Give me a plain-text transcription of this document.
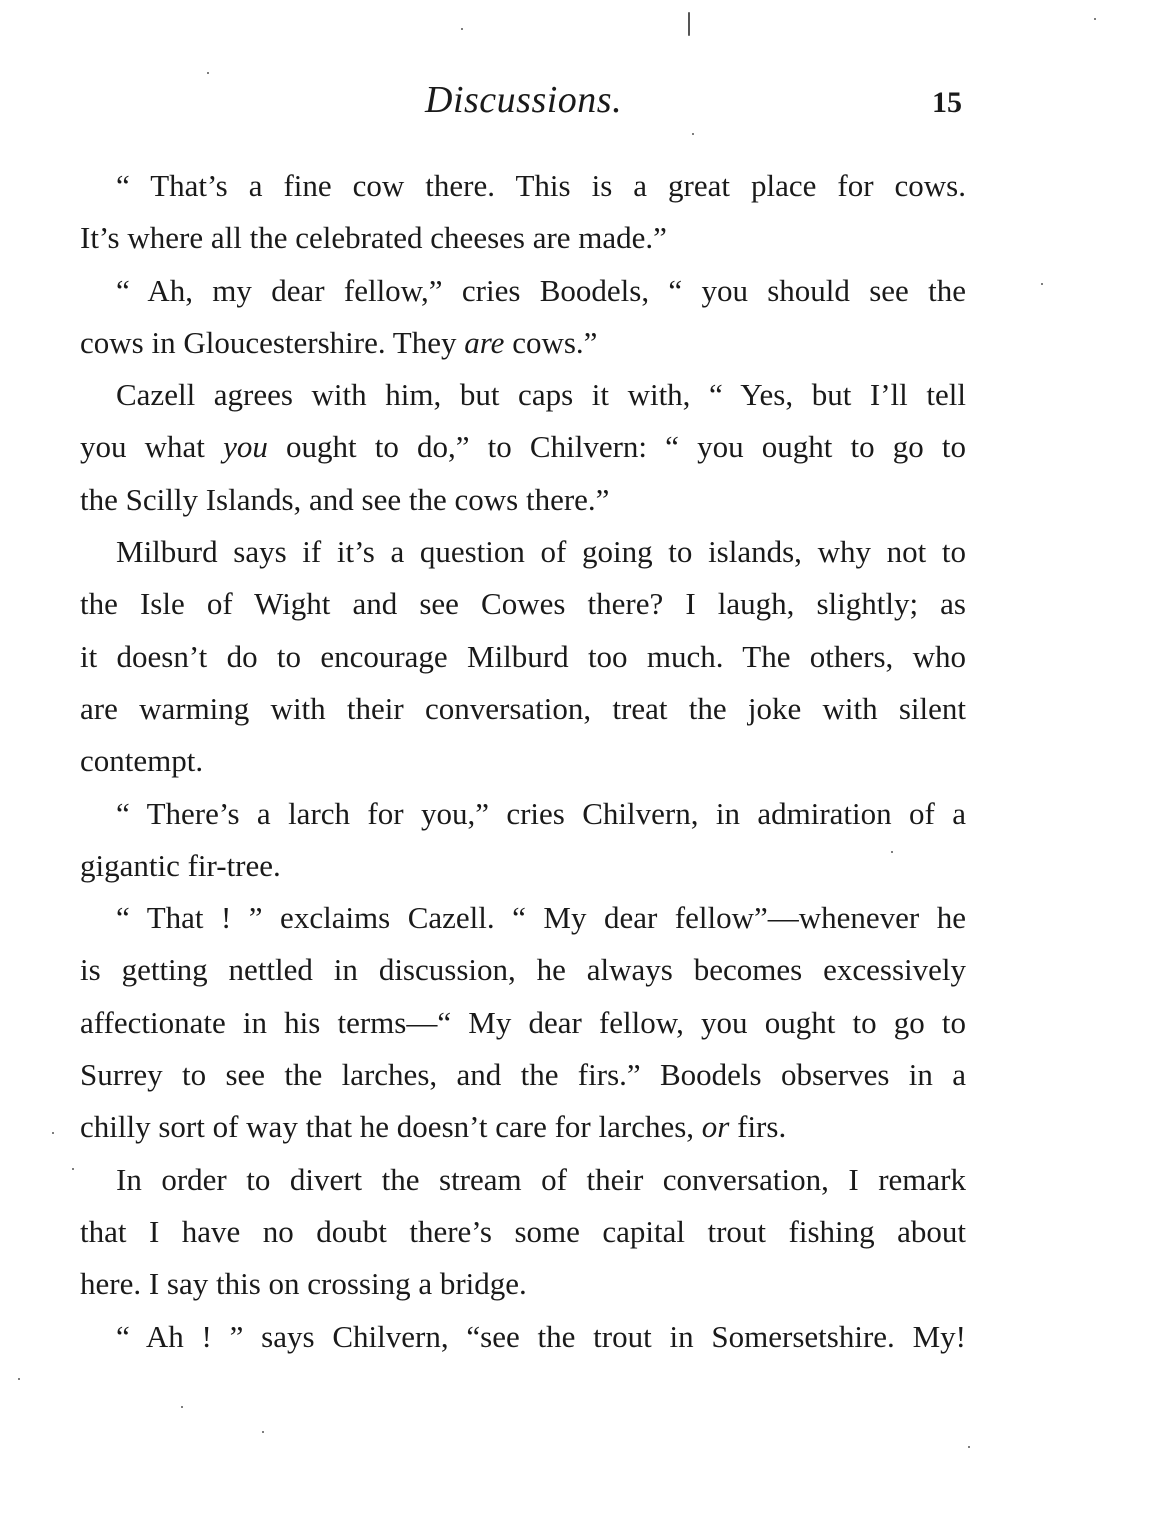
Discussions.	15
“ That’s a fine cow there. This is a great place for cows.
It’s where all the celebrated cheeses are made.”
“ Ah, my dear fellow,” cries Boodels, “ you should see the
cows in Gloucestershire. They are cows.”
Cazell agrees with him, but caps it with, “ Yes, but I’ll tell
you what you ought to do,” to Chilvern: “ you ought to go to
the Scilly Islands, and see the cows there.”
Milburd says if it’s a question of going to islands, why not to
the Isle of Wight and see Cowes there? I laugh, slightly; as
it doesn’t do to encourage Milburd too much. The others, who
are warming with their conversation, treat the joke with silent
contempt.
“ There’s a larch for you,” cries Chilvern, in admiration of a
gigantic fir-tree.
“ That ! ” exclaims Cazell. “ My dear fellow”—whenever he
is getting nettled in discussion, he always becomes excessively
affectionate in his terms—“ My dear fellow, you ought to go to
Surrey to see the larches, and the firs.” Boodels observes in a
chilly sort of way that he doesn’t care for larches, or firs.
In order to divert the stream of their conversation, I remark
that I have no doubt there’s some capital trout fishing about
here. I say this on crossing a bridge.
“ Ah ! ” says Chilvern, “see the trout in Somersetshire. My!
